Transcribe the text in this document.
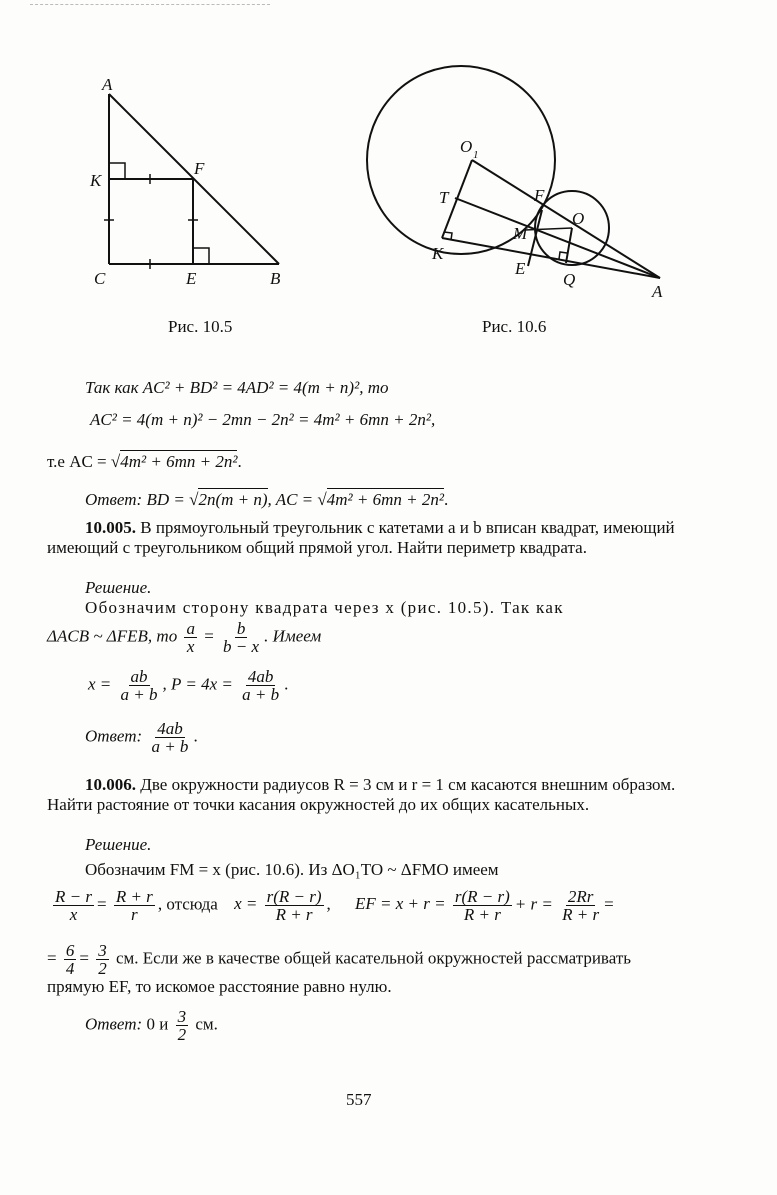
A
K
F
C	E	B
Рис. 10.5
O 1
T	F
O
M
K
E
Q
A
Рис. 10.6
Так как AC² + BD² = 4AD² = 4(m + n)², то
AC² = 4(m + n)² − 2mn − 2n² = 4m² + 6mn + 2n²,
т.е AC = √4m² + 6mn + 2n².
Ответ: BD = √2n(m + n), AC = √4m² + 6mn + 2n².
10.005. В прямоугольный треугольник с катетами a и b вписан квадрат, имеющий имеющий с треугольником общий прямой угол. Найти периметр квадрата.
Решение.
Обозначим сторону квадрата через x (рис. 10.5). Так как
ΔACB ~ ΔFEB, то $\frac{a}{x} = \frac{b}{b - x}$ . Имеем
$x = \frac{ab}{a + b}$ , $P = 4x = \frac{4ab}{a + b}$ .
Ответ: $\frac{4ab}{a + b}$ .
10.006. Две окружности радиусов R = 3 см и r = 1 см касаются внешним образом. Найти растояние от точки касания окружностей до их общих касательных.
Решение.
Обозначим FM = x (рис. 10.6). Из ΔO₁TO ~ ΔFMO имеем
$\frac{R - r}{x} = \frac{R + r}{r}$ , отсюда $x = \frac{r(R - r)}{R + r}$ , EF = $x + r = \frac{r(R - r)}{R + r} + r = \frac{2Rr}{R + r}$ =
= $\frac{6}{4} = \frac{3}{2}$ см. Если же в качестве общей касательной окружностей рассматривать прямую EF, то искомое расстояние равно нулю.
Ответ: 0 и $\frac{3}{2}$ см.
557
